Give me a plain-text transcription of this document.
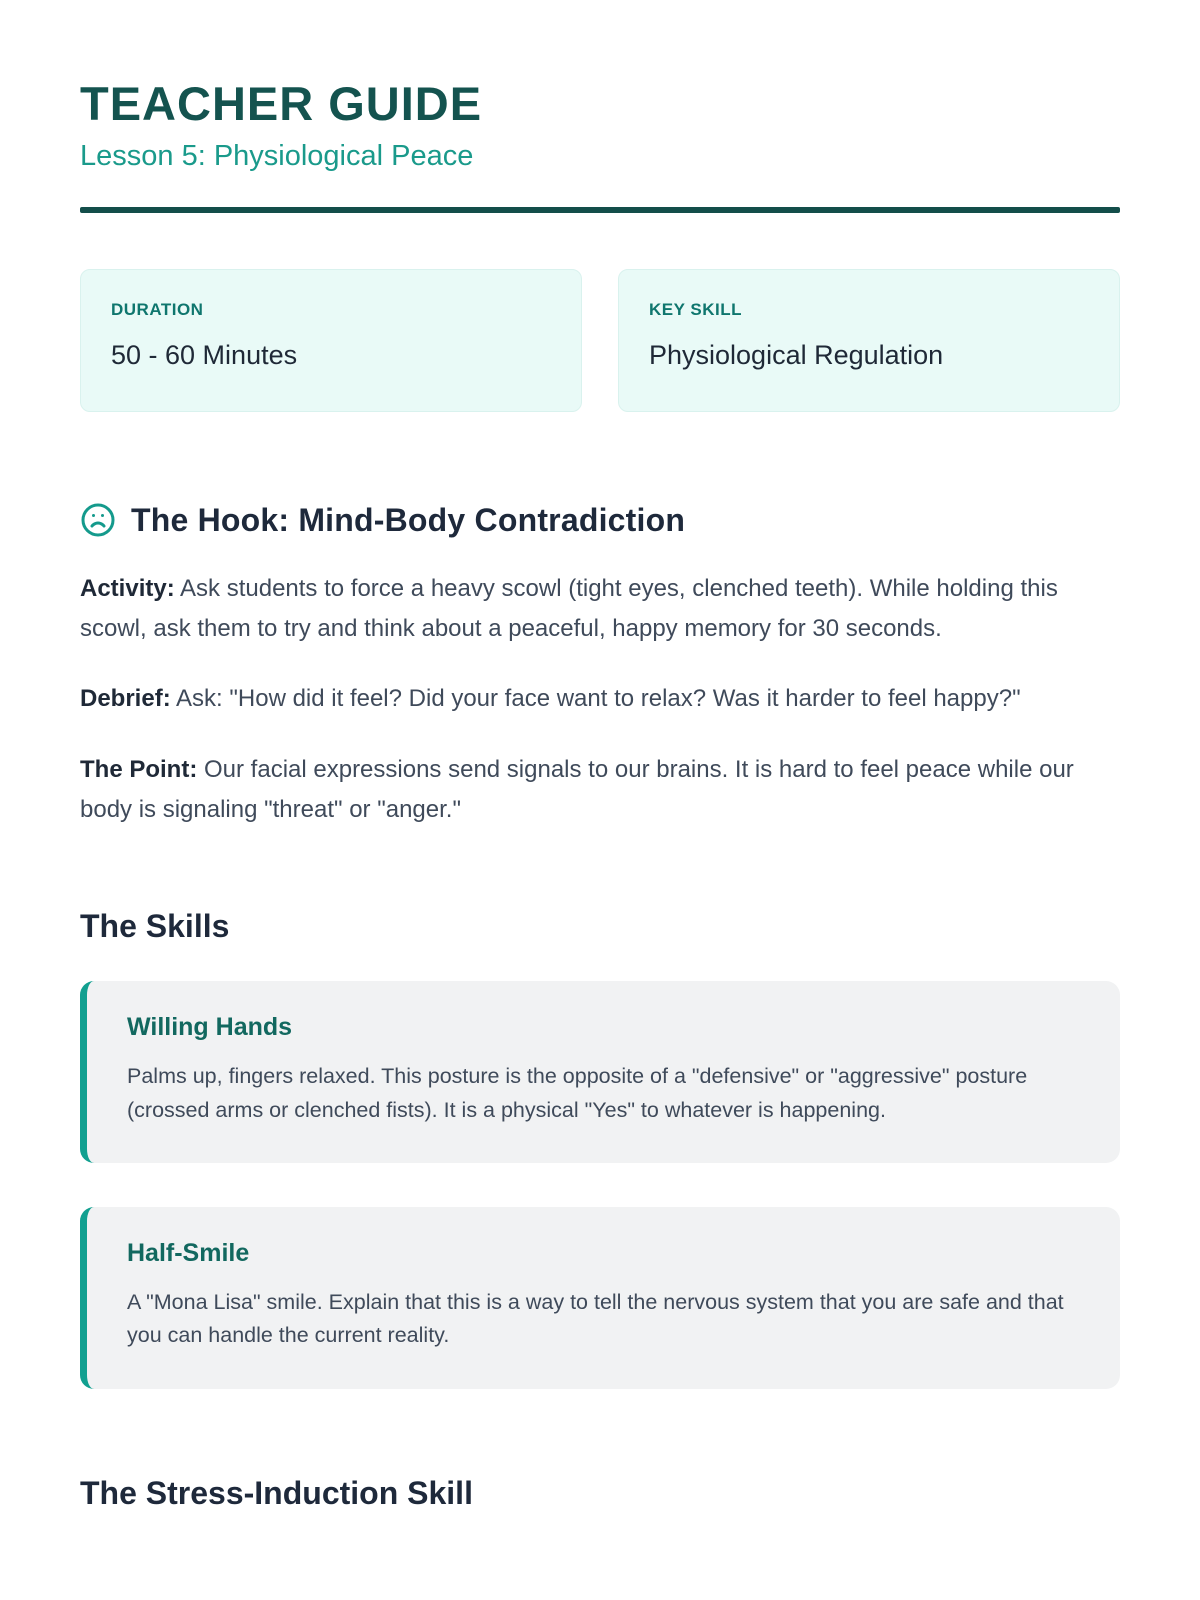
TEACHER GUIDE
Lesson 5: Physiological Peace
DURATION
50 - 60 Minutes
KEY SKILL
Physiological Regulation
The Hook: Mind-Body Contradiction

Activity: Ask students to force a heavy scowl (tight eyes, clenched teeth). While holding this scowl, ask them to try and think about a peaceful, happy memory for 30 seconds.

Debrief: Ask: "How did it feel? Did your face want to relax? Was it harder to feel happy?"

The Point: Our facial expressions send signals to our brains. It is hard to feel peace while our body is signaling "threat" or "anger."

The Skills
Willing Hands
Palms up, fingers relaxed. This posture is the opposite of a "defensive" or "aggressive" posture (crossed arms or clenched fists). It is a physical "Yes" to whatever is happening.
Half-Smile
A "Mona Lisa" smile. Explain that this is a way to tell the nervous system that you are safe and that you can handle the current reality.
The Stress-Induction Skill
